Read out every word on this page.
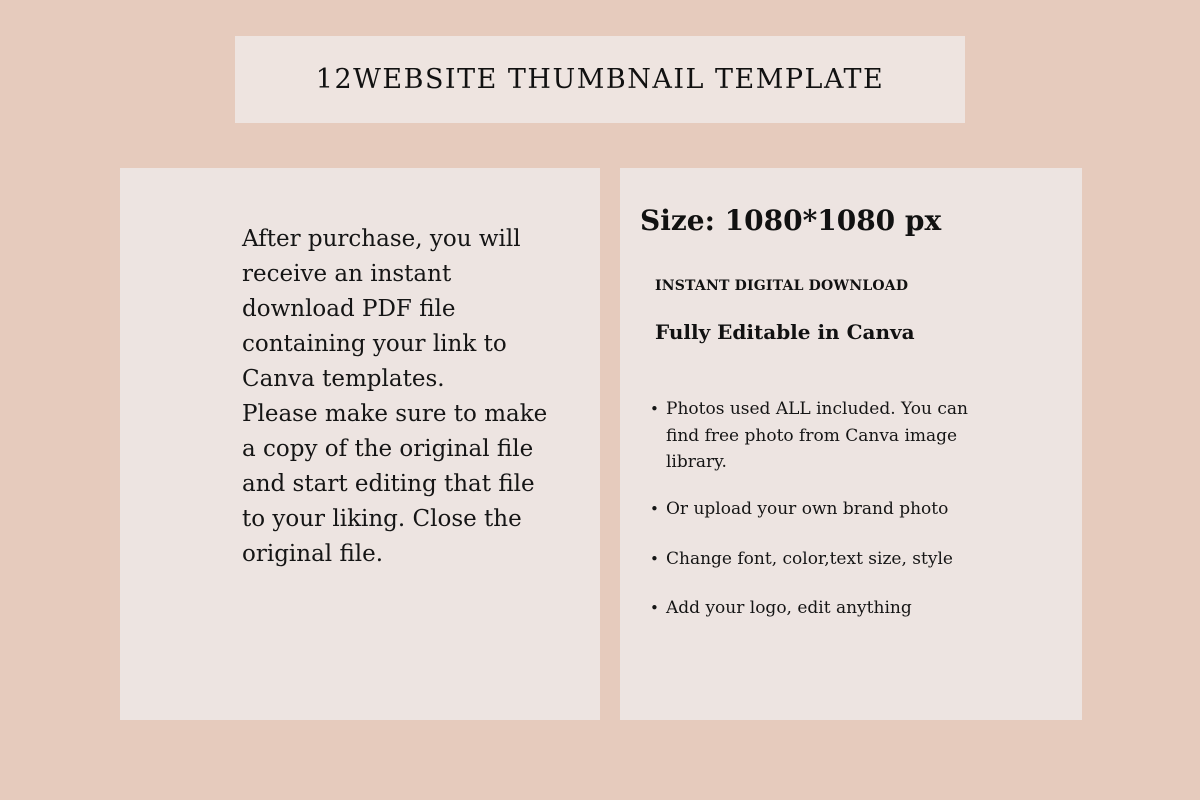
12WEBSITE THUMBNAIL TEMPLATE

After purchase, you will receive an instant download PDF file containing your link to Canva templates.

Please make sure to make a copy of the original file and start editing that file to your liking. Close the original file.

Size: 1080*1080 px
INSTANT DIGITAL DOWNLOAD
Fully Editable in Canva
• Photos used ALL included. You can find free photo from Canva image library.
• Or upload your own brand photo
• Change font, color,text size, style
• Add your logo, edit anything
